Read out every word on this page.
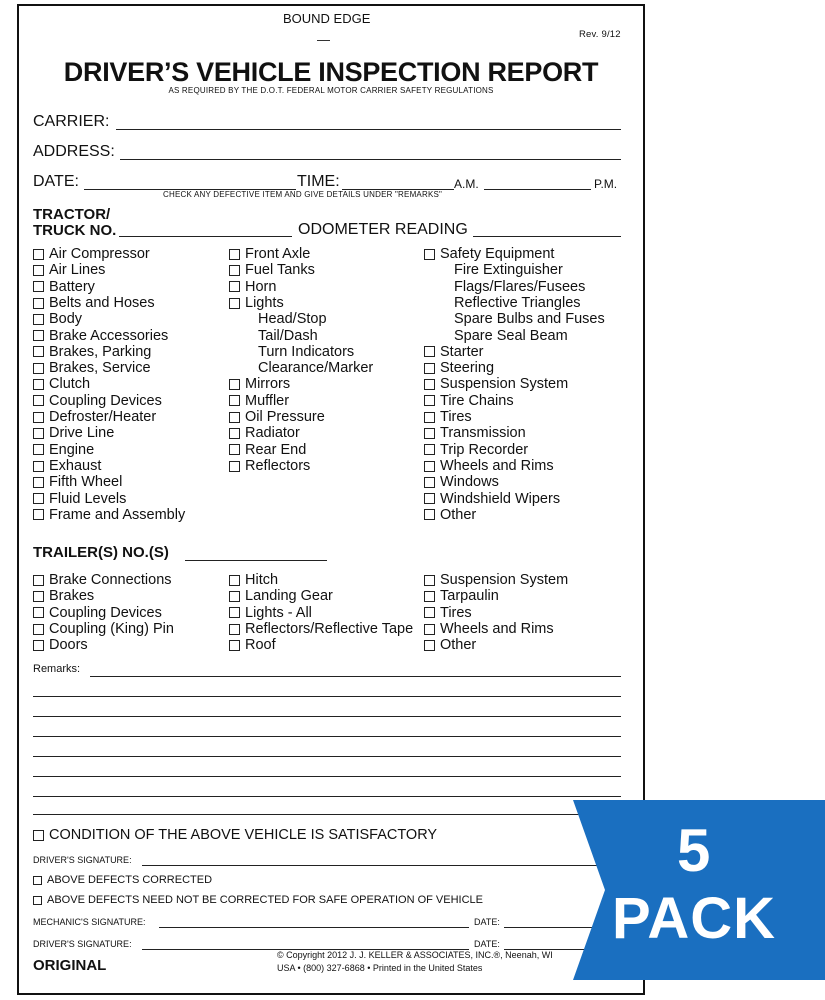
BOUND EDGE
—	Rev. 9/12
DRIVER’S VEHICLE INSPECTION REPORT
AS REQUIRED BY THE D.O.T. FEDERAL MOTOR CARRIER SAFETY REGULATIONS
CARRIER:
ADDRESS:
DATE:	TIME:	A.M.	P.M.
CHECK ANY DEFECTIVE ITEM AND GIVE DETAILS UNDER "REMARKS"
TRACTOR/
TRUCK NO.	ODOMETER READING
Air Compressor
Air Lines
Battery
Belts and Hoses
Body
Brake Accessories
Brakes, Parking
Brakes, Service
Clutch
Coupling Devices
Defroster/Heater
Drive Line
Engine
Exhaust
Fifth Wheel
Fluid Levels
Frame and Assembly
Front Axle
Fuel Tanks
Horn
Lights
Head/Stop
Tail/Dash
Turn Indicators
Clearance/Marker
Mirrors
Muffler
Oil Pressure
Radiator
Rear End
Reflectors
Safety Equipment
Fire Extinguisher
Flags/Flares/Fusees
Reflective Triangles
Spare Bulbs and Fuses
Spare Seal Beam
Starter
Steering
Suspension System
Tire Chains
Tires
Transmission
Trip Recorder
Wheels and Rims
Windows
Windshield Wipers
Other
TRAILER(S) NO.(S)
Brake Connections
Brakes
Coupling Devices
Coupling (King) Pin
Doors
Hitch
Landing Gear
Lights - All
Reflectors/Reflective Tape
Roof
Suspension System
Tarpaulin
Tires
Wheels and Rims
Other
Remarks:
CONDITION OF THE ABOVE VEHICLE IS SATISFACTORY
DRIVER'S SIGNATURE:
ABOVE DEFECTS CORRECTED
ABOVE DEFECTS NEED NOT BE CORRECTED FOR SAFE OPERATION OF VEHICLE
MECHANIC'S SIGNATURE:	DATE:
DRIVER'S SIGNATURE:	DATE:
© Copyright 2012 J. J. KELLER & ASSOCIATES, INC.®, Neenah, WI
USA • (800) 327-6868 • Printed in the United States
ORIGINAL
5
PACK
